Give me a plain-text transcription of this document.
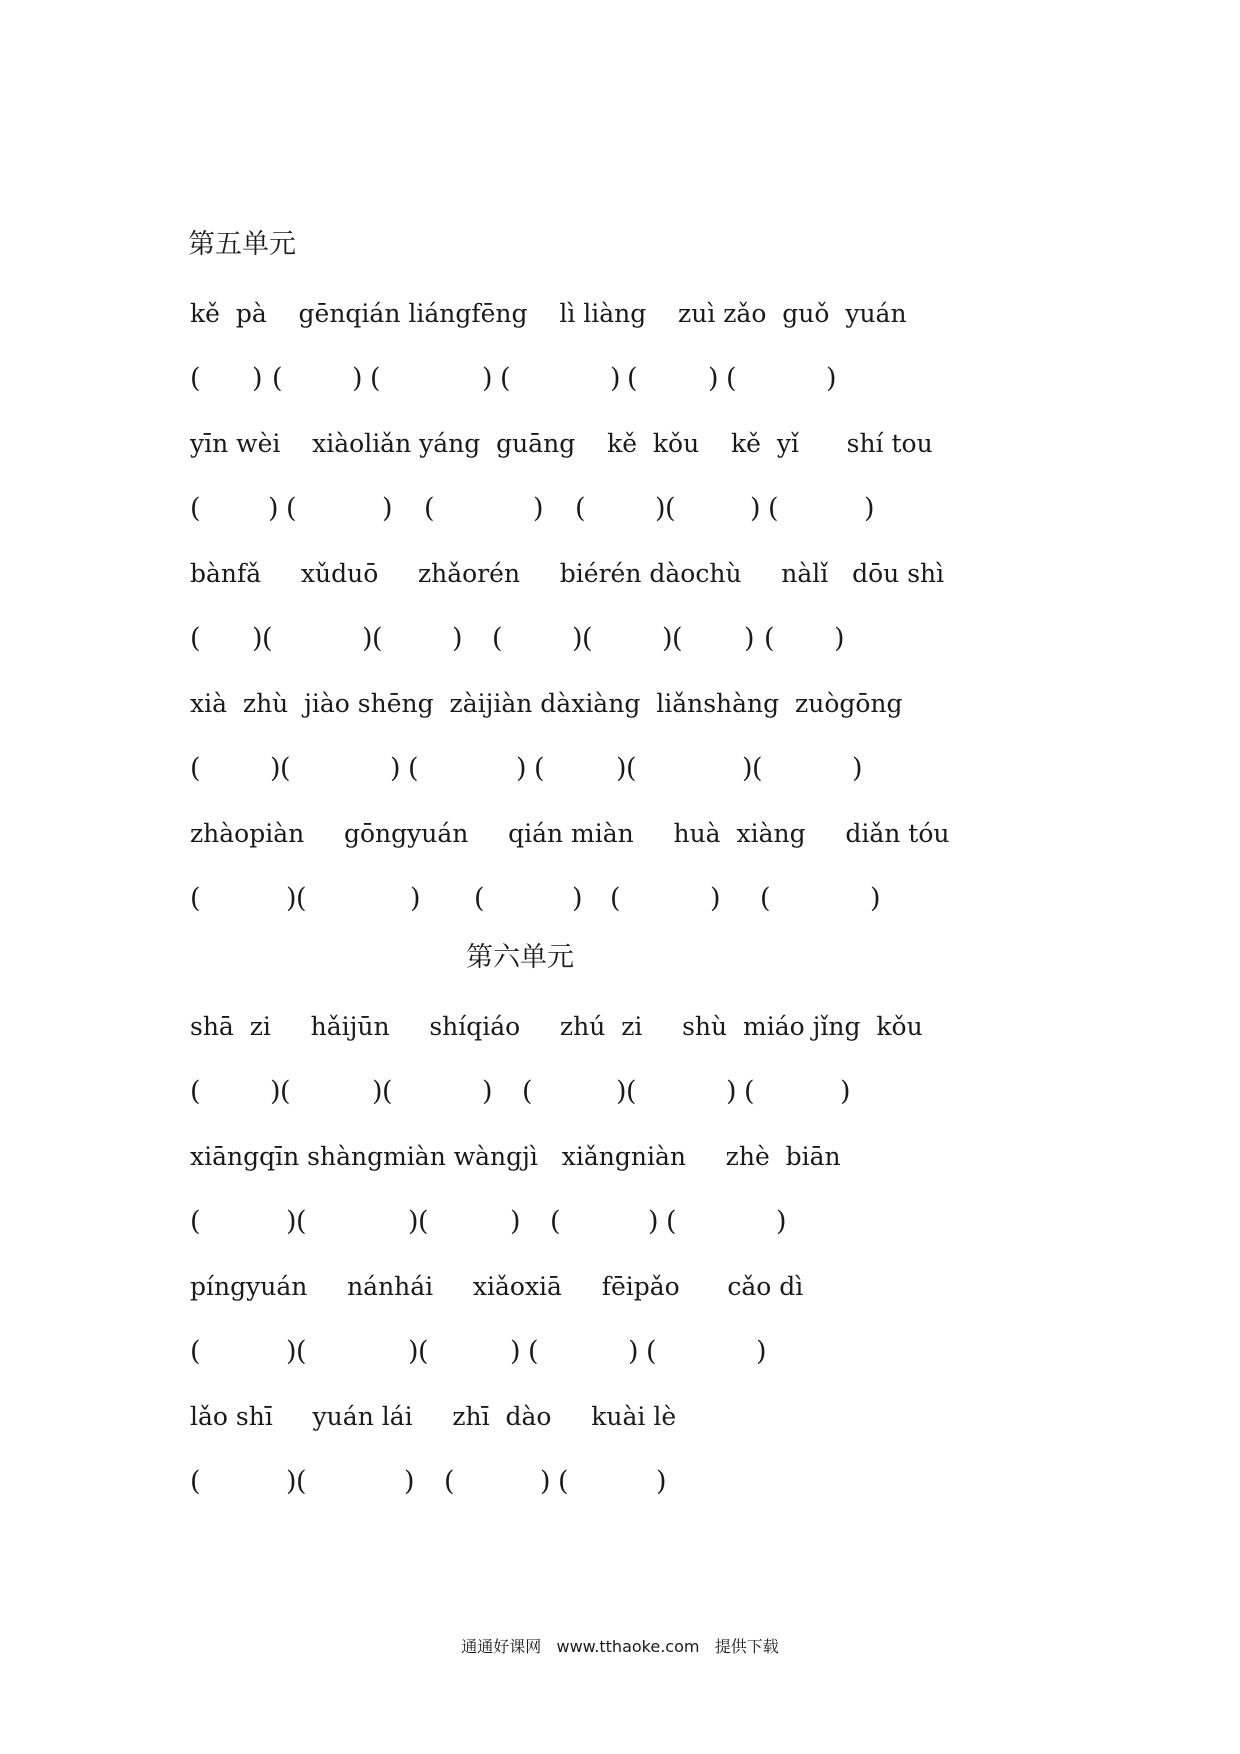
第五单元
kě  pà    gēnqián liángfēng    lì liàng    zuì zǎo  guǒ  yuán
( ) (	) (	) (	) (	) (	)
yīn wèi    xiàoliǎn yáng  guāng    kě  kǒu    kě  yǐ      shí tou
( ) (	) (	) (	) (	) (	)
bànfǎ     xǔduō     zhǎorén     biérén dàochù     nàlǐ   dōu shì
( ) (	) (	) (	) (	) ( ) ( )
xià  zhù  jiào shēng  zàijiàn dàxiàng  liǎnshàng  zuògōng
(	) (	) (	) (	) (	) (	)
zhàopiàn     gōngyuán     qián miàn     huà  xiàng     diǎn tóu
(	) (	) (	) (	) (	)
第六单元
shā  zi     hǎijūn     shíqiáo     zhú  zi     shù  miáo jǐng  kǒu
(	) (	) (	) (	) (	) (	)
xiāngqīn shàngmiàn wàngjì   xiǎngniàn     zhè  biān
(	) (	) (	) (	) (	)
píngyuán     nánhái     xiǎoxiā     fēipǎo      cǎo dì
(	) (	) (	) (	) (	)
lǎo shī     yuán lái     zhī  dào     kuài lè
(	) (	) (	) (	)
通通好课网   www.tthaoke.com   提供下载
